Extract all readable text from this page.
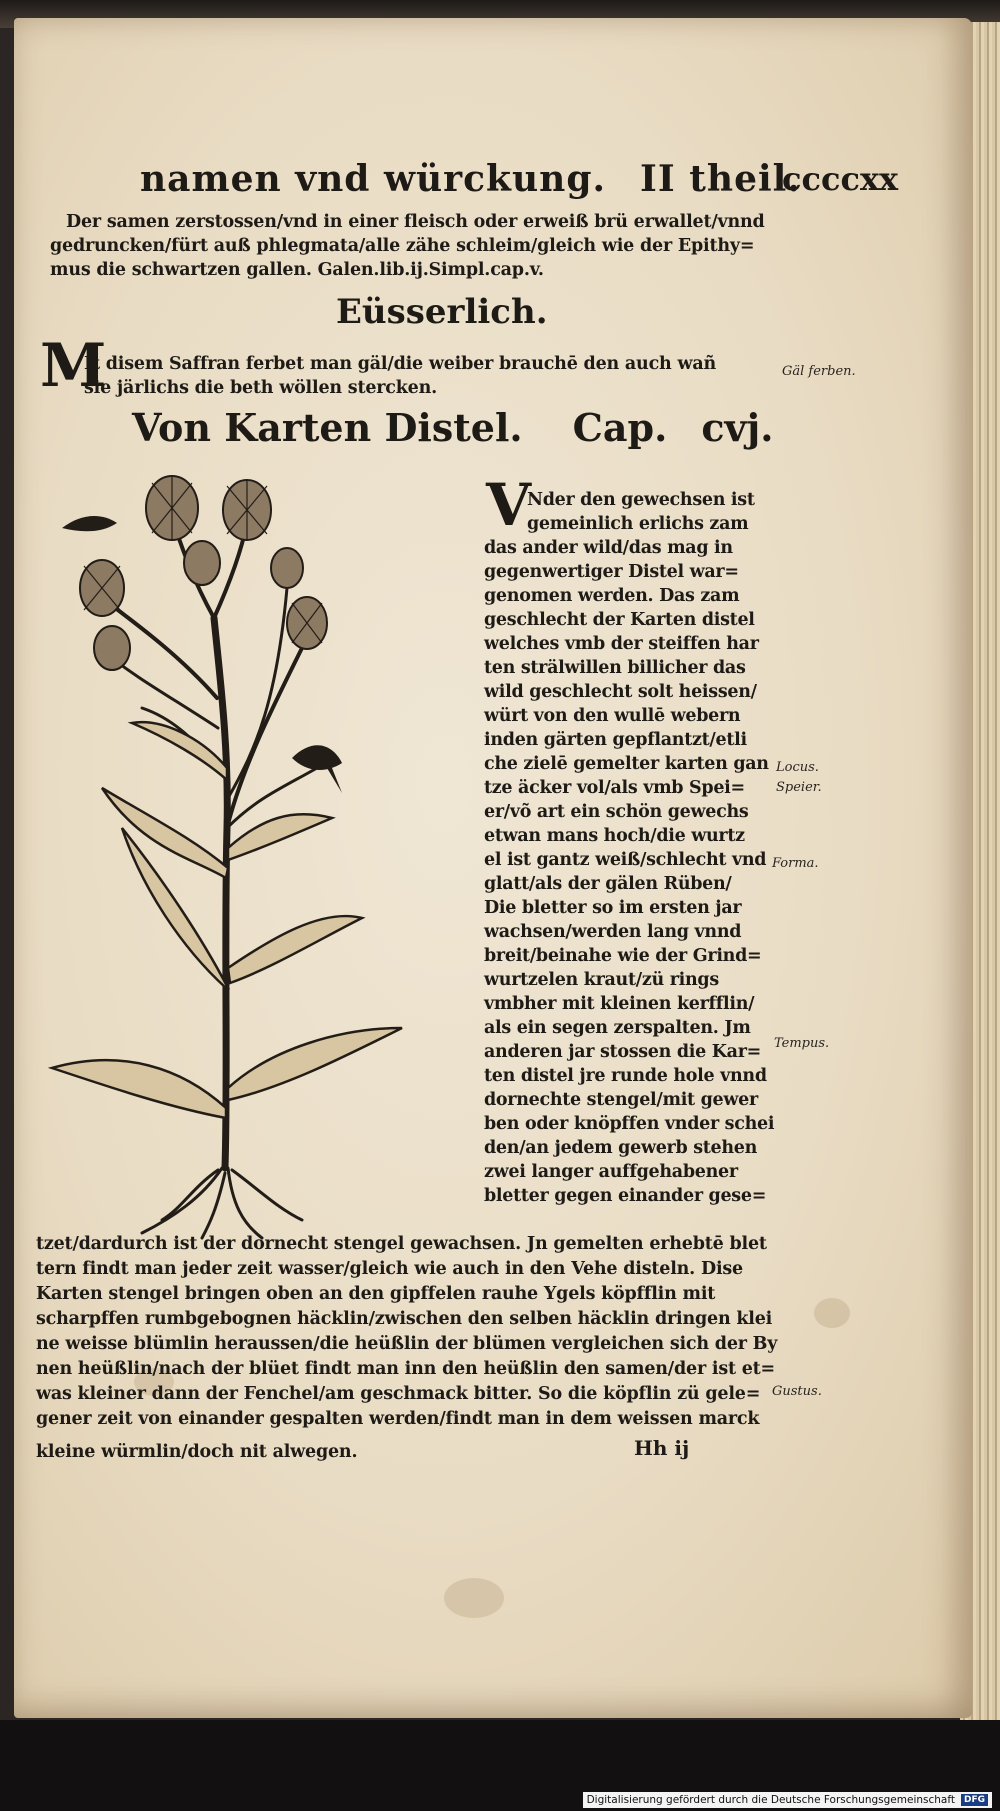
namen vnd würckung. II theil.
ccccxx
Der samen zerstossen/vnd in einer fleisch oder erweiß brü erwallet/vnnd
gedruncken/fürt auß phlegmata/alle zähe schleim/gleich wie der Epithy=
mus die schwartzen gallen. Galen.lib.ij.Simpl.cap.v.
Eüsserlich.
M
It disem Saffran ferbet man gäl/die weiber brauchē den auch wañ
sie järlichs die beth wöllen stercken.
Gäl ferben.
Von Karten Distel. Cap. cvj.
V
Nder den gewechsen ist
gemeinlich erlichs zam
das ander wild/das mag in
gegenwertiger Distel war=
genomen werden. Das zam
geschlecht der Karten distel
welches vmb der steiffen har
ten strälwillen billicher das
wild geschlecht solt heissen/
würt von den wullē webern
inden gärten gepflantzt/etli
che zielē gemelter karten gan
tze äcker vol/als vmb Spei=
er/võ art ein schön gewechs
etwan mans hoch/die wurtz
el ist gantz weiß/schlecht vnd
glatt/als der gälen Rüben/
Die bletter so im ersten jar
wachsen/werden lang vnnd
breit/beinahe wie der Grind=
wurtzelen kraut/zü rings
vmbher mit kleinen kerfflin/
als ein segen zerspalten. Jm
anderen jar stossen die Kar=
ten distel jre runde hole vnnd
dornechte stengel/mit gewer
ben oder knöpffen vnder schei
den/an jedem gewerb stehen
zwei langer auffgehabener
bletter gegen einander gese=
Locus.
Speier.
Forma.
Tempus.
Gustus.
tzet/dardurch ist der dornecht stengel gewachsen. Jn gemelten erhebtē blet
tern findt man jeder zeit wasser/gleich wie auch in den Vehe disteln. Dise
Karten stengel bringen oben an den gipffelen rauhe Ygels köpfflin mit
scharpffen rumbgebognen häcklin/zwischen den selben häcklin dringen klei
ne weisse blümlin heraussen/die heüßlin der blümen vergleichen sich der By
nen heüßlin/nach der blüet findt man inn den heüßlin den samen/der ist et=
was kleiner dann der Fenchel/am geschmack bitter. So die köpflin zü gele=
gener zeit von einander gespalten werden/findt man in dem weissen marck
kleine würmlin/doch nit alwegen.	Hh ij
Digitalisierung gefördert durch die Deutsche Forschungsgemeinschaft	DFG
